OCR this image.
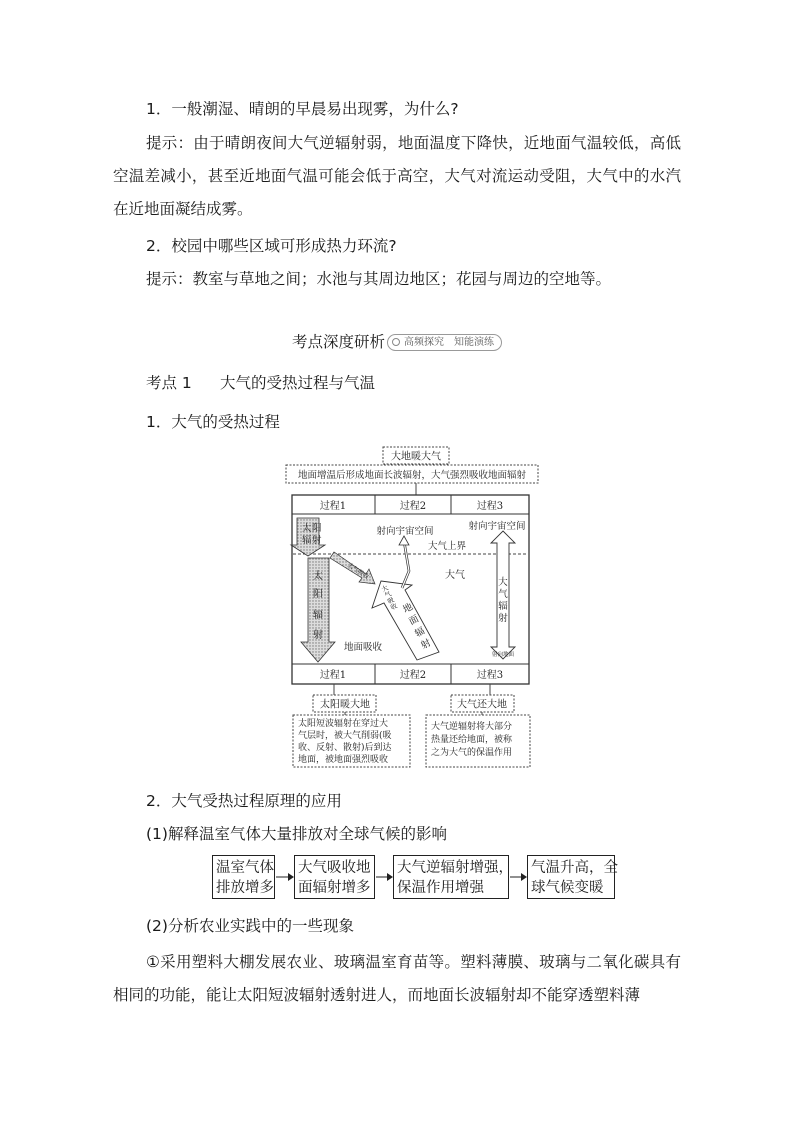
1．一般潮湿、晴朗的早晨易出现雾，为什么?
提示：由于晴朗夜间大气逆辐射弱，地面温度下降快，近地面气温较低，高低空温差减小，甚至近地面气温可能会低于高空，大气对流运动受阻，大气中的水汽在近地面凝结成雾。
2．校园中哪些区域可形成热力环流?
提示：教室与草地之间；水池与其周边地区；花园与周边的空地等。
考点深度研析 高频探究　知能演练
考点 1 大气的受热过程与气温
1．大气的受热过程
大地暖大气
地面增温后形成地面长波辐射，大气强烈吸收地面辐射
过程1	过程2	过程3
过程1	过程2	过程3
大气上界
大气
太 阳
辐 射
太
阳
辐
射
大气吸收
地面吸收
大
气
吸
收 地
面
辐
射
射向宇宙空间	射向宇宙空间
大
气
辐
射
射向地面
太阳暖大地	大气还大地
太阳短波辐射在穿过大
气层时，被大气削弱(吸
收、反射、散射)后到达
地面，被地面强烈吸收
大气逆辐射将大部分
热量还给地面，被称
之为大气的保温作用
2．大气受热过程原理的应用
(1)解释温室气体大量排放对全球气候的影响
温室气体
排放增多
大气吸收地
面辐射增多
大气逆辐射增强，
保温作用增强
气温升高，全
球气候变暖
(2)分析农业实践中的一些现象
①采用塑料大棚发展农业、玻璃温室育苗等。塑料薄膜、玻璃与二氧化碳具有相同的功能，能让太阳短波辐射透射进人，而地面长波辐射却不能穿透塑料薄
